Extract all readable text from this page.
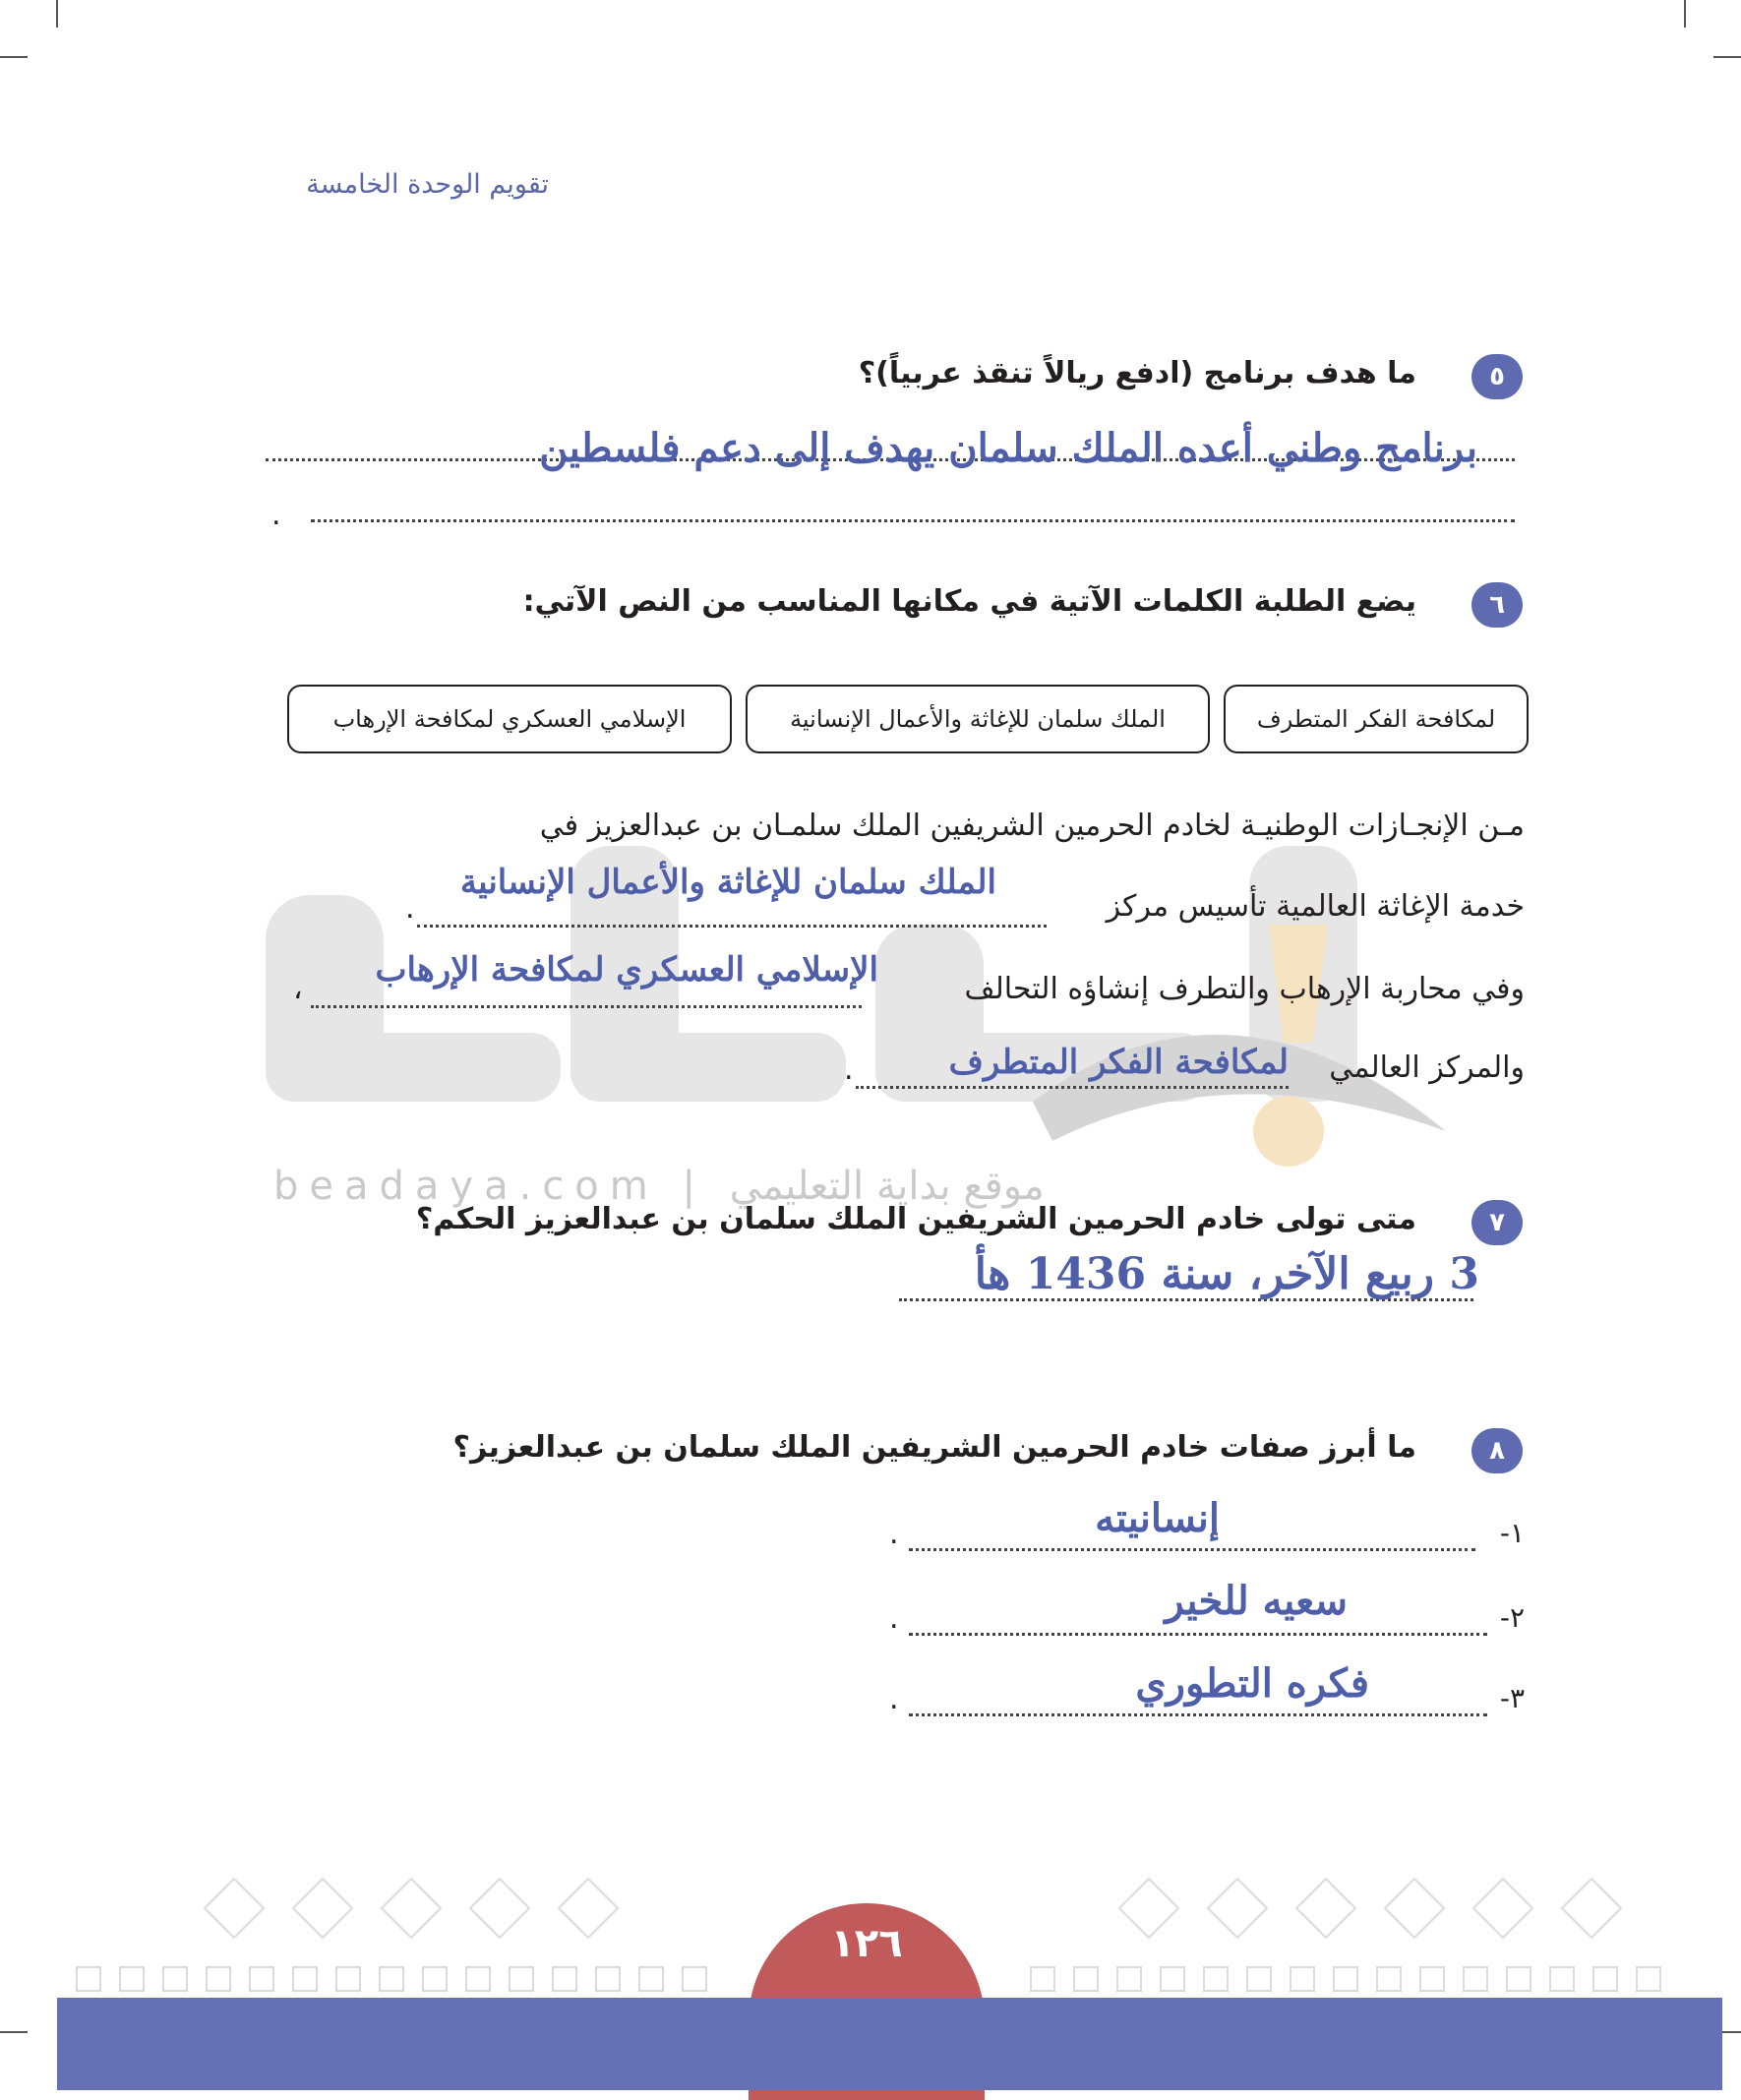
تقويم الوحدة الخامسة
beadaya.com | موقع بداية التعليمي
٥
ما هدف برنامج (ادفع ريالاً تنقذ عربياً)؟
برنامج وطني أعده الملك سلمان يهدف إلى دعم فلسطين
.
٦
يضع الطلبة الكلمات الآتية في مكانها المناسب من النص الآتي:
لمكافحة الفكر المتطرف
الملك سلمان للإغاثة والأعمال الإنسانية
الإسلامي العسكري لمكافحة الإرهاب
مـن الإنجـازات الوطنيـة لخادم الحرمين الشريفين الملك سلمـان بن عبدالعزيز في
خدمة الإغاثة العالمية تأسيس مركز
.
الملك سلمان للإغاثة والأعمال الإنسانية
وفي محاربة الإرهاب والتطرف إنشاؤه التحالف
، الإسلامي العسكري لمكافحة الإرهاب
والمركز العالمي
.	لمكافحة الفكر المتطرف
٧
متى تولى خادم الحرمين الشريفين الملك سلمان بن عبدالعزيز الحكم؟
3 ربيع الآخر، سنة 1436 هأ
٨
ما أبرز صفات خادم الحرمين الشريفين الملك سلمان بن عبدالعزيز؟
١-
.	إنسانيته
٢-
.	سعيه للخير
٣-
.	فكره التطوري
١٢٦
